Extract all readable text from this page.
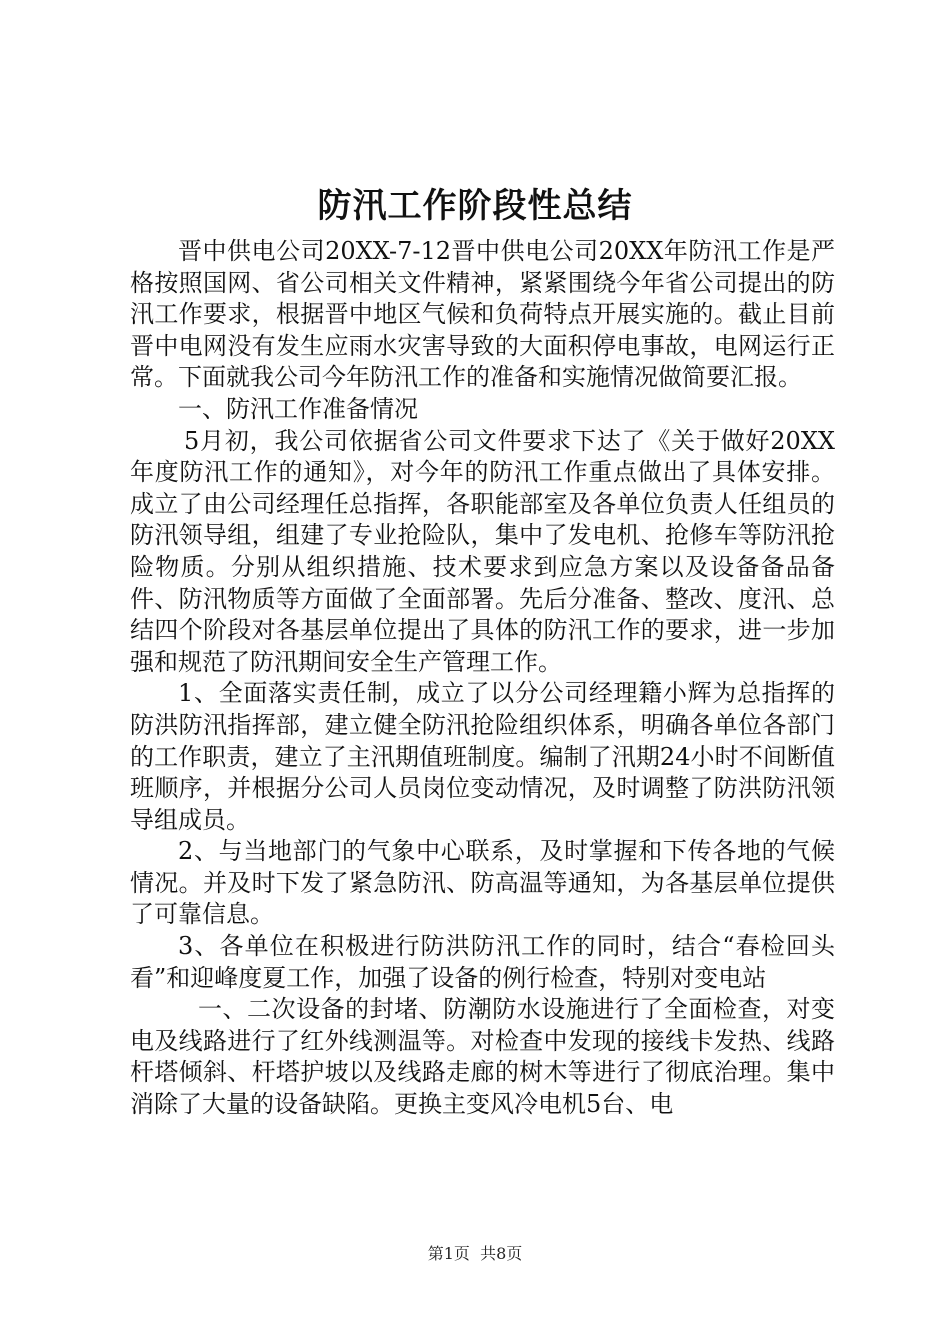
防汛工作阶段性总结

晋中供电公司20XX-7-12晋中供电公司20XX年防汛工作是严格按照国网、省公司相关文件精神，紧紧围绕今年省公司提出的防汛工作要求，根据晋中地区气候和负荷特点开展实施的。截止目前晋中电网没有发生应雨水灾害导致的大面积停电事故，电网运行正常。下面就我公司今年防汛工作的准备和实施情况做简要汇报。

一、防汛工作准备情况

5月初，我公司依据省公司文件要求下达了《关于做好20XX年度防汛工作的通知》，对今年的防汛工作重点做出了具体安排。成立了由公司经理任总指挥，各职能部室及各单位负责人任组员的防汛领导组，组建了专业抢险队，集中了发电机、抢修车等防汛抢险物质。分别从组织措施、技术要求到应急方案以及设备备品备件、防汛物质等方面做了全面部署。先后分准备、整改、度汛、总结四个阶段对各基层单位提出了具体的防汛工作的要求，进一步加强和规范了防汛期间安全生产管理工作。

1、全面落实责任制，成立了以分公司经理籍小辉为总指挥的防洪防汛指挥部，建立健全防汛抢险组织体系，明确各单位各部门的工作职责，建立了主汛期值班制度。编制了汛期24小时不间断值班顺序，并根据分公司人员岗位变动情况，及时调整了防洪防汛领导组成员。

2、与当地部门的气象中心联系，及时掌握和下传各地的气候情况。并及时下发了紧急防汛、防高温等通知，为各基层单位提供了可靠信息。

3、各单位在积极进行防洪防汛工作的同时，结合“春检回头看”和迎峰度夏工作，加强了设备的例行检查，特别对变电站

一、二次设备的封堵、防潮防水设施进行了全面检查，对变电及线路进行了红外线测温等。对检查中发现的接线卡发热、线路杆塔倾斜、杆塔护坡以及线路走廊的树木等进行了彻底治理。集中消除了大量的设备缺陷。更换主变风冷电机5台、电

第1页  共8页
